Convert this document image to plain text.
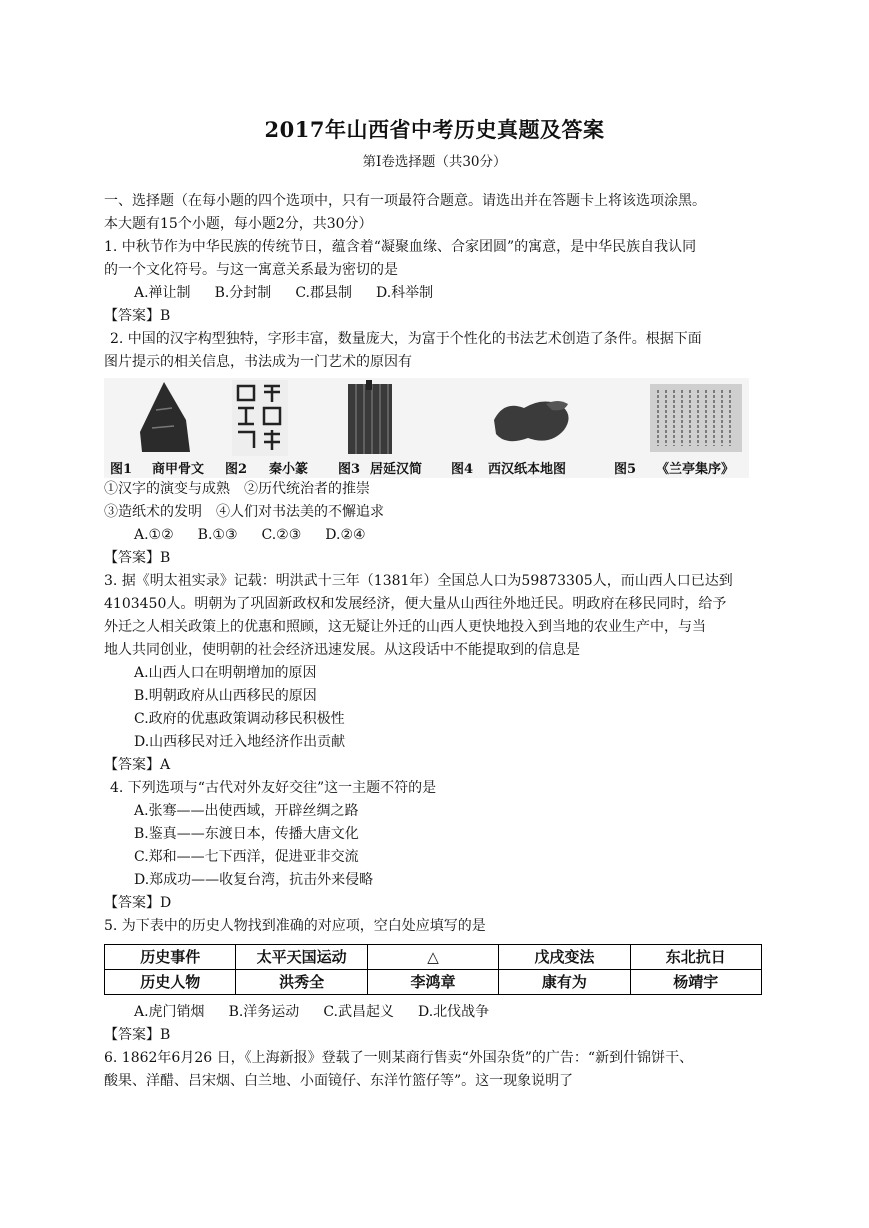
2017年山西省中考历史真题及答案
第Ⅰ卷选择题（共30分）
一、选择题（在每小题的四个选项中，只有一项最符合题意。请选出并在答题卡上将该选项涂黑。
本大题有15个小题，每小题2分，共30分）
1. 中秋节作为中华民族的传统节日，蕴含着“凝聚血缘、合家团圆”的寓意，是中华民族自我认同
的一个文化符号。与这一寓意关系最为密切的是
A.禅让制 B.分封制 C.郡县制 D.科举制
【答案】B
2. 中国的汉字构型独特，字形丰富，数量庞大，为富于个性化的书法艺术创造了条件。根据下面
图片提示的相关信息，书法成为一门艺术的原因有
图1 商甲骨文 图2 秦小篆 图3 居延汉简 图4 西汉纸本地图	图5 《兰亭集序》
①汉字的演变与成熟　②历代统治者的推崇
③造纸术的发明　④人们对书法美的不懈追求
A.①② B.①③ C.②③ D.②④
【答案】B
3. 据《明太祖实录》记载：明洪武十三年（1381年）全国总人口为59873305人，而山西人口已达到
4103450人。明朝为了巩固新政权和发展经济，便大量从山西往外地迁民。明政府在移民同时，给予
外迁之人相关政策上的优惠和照顾，这无疑让外迁的山西人更快地投入到当地的农业生产中，与当
地人共同创业，使明朝的社会经济迅速发展。从这段话中不能提取到的信息是
A.山西人口在明朝增加的原因
B.明朝政府从山西移民的原因
C.政府的优惠政策调动移民积极性
D.山西移民对迁入地经济作出贡献
【答案】A
4. 下列选项与“古代对外友好交往”这一主题不符的是
A.张骞——出使西域，开辟丝绸之路
B.鉴真——东渡日本，传播大唐文化
C.郑和——七下西洋，促进亚非交流
D.郑成功——收复台湾，抗击外来侵略
【答案】D
5. 为下表中的历史人物找到准确的对应项，空白处应填写的是
历史事件	太平天国运动	△	戊戌变法	东北抗日
历史人物	洪秀全	李鸿章	康有为	杨靖宇
A.虎门销烟 B.洋务运动 C.武昌起义 D.北伐战争
【答案】B
6. 1862年6月26 日，《上海新报》登载了一则某商行售卖“外国杂货”的广告：“新到什锦饼干、
酸果、洋醋、吕宋烟、白兰地、小面镜仔、东洋竹篮仔等”。这一现象说明了
